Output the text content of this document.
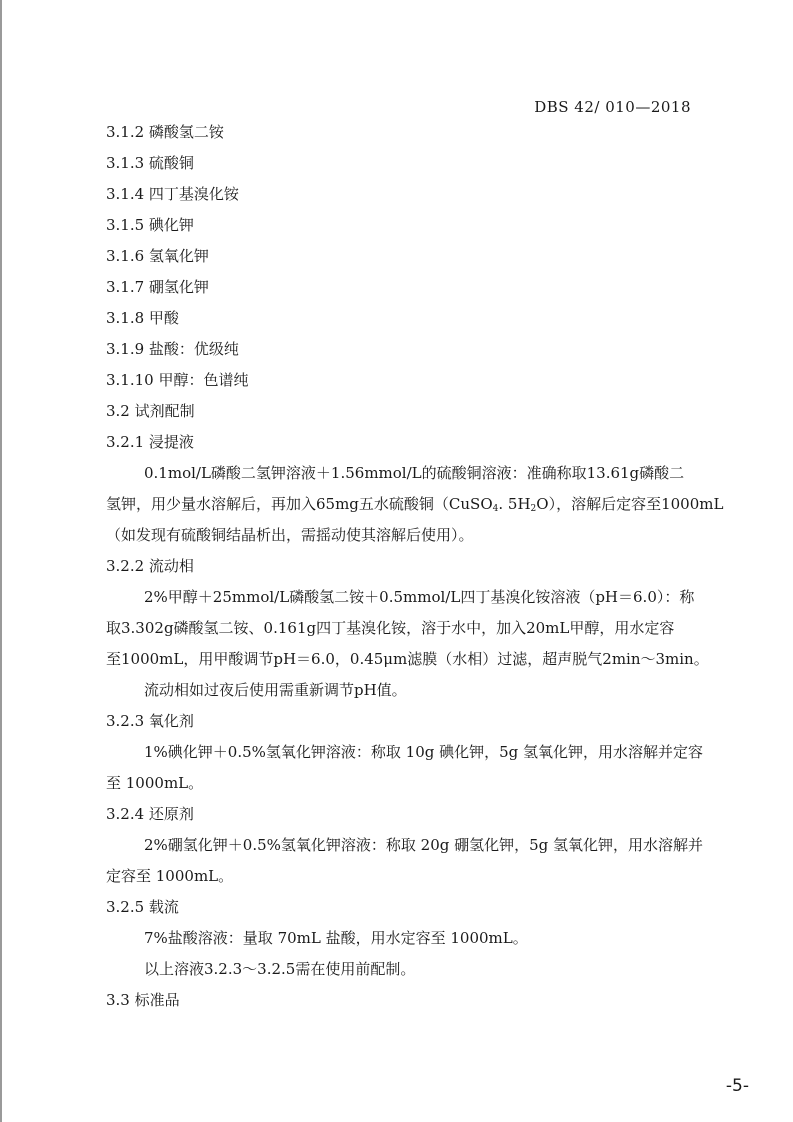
DBS 42/ 010—2018
3.1.2 磷酸氢二铵
3.1.3 硫酸铜
3.1.4 四丁基溴化铵
3.1.5 碘化钾
3.1.6 氢氧化钾
3.1.7 硼氢化钾
3.1.8 甲酸
3.1.9 盐酸：优级纯
3.1.10 甲醇：色谱纯
3.2 试剂配制
3.2.1 浸提液
0.1mol/L磷酸二氢钾溶液＋1.56mmol/L的硫酸铜溶液：准确称取13.61g磷酸二
氢钾，用少量水溶解后，再加入65mg五水硫酸铜（CuSO$_4$. $5H_2O$），溶解后定容至1000mL
（如发现有硫酸铜结晶析出，需摇动使其溶解后使用）。
3.2.2 流动相
2%甲醇＋25mmol/L磷酸氢二铵＋0.5mmol/L四丁基溴化铵溶液（pH＝6.0）：称
取3.302g磷酸氢二铵、0.161g四丁基溴化铵，溶于水中，加入20mL甲醇，用水定容
至1000mL，用甲酸调节pH＝6.0，0.45μm滤膜（水相）过滤，超声脱气2min～3min。
流动相如过夜后使用需重新调节pH值。
3.2.3 氧化剂
1%碘化钾＋0.5%氢氧化钾溶液：称取 10g 碘化钾，5g 氢氧化钾，用水溶解并定容
至 1000mL。
3.2.4 还原剂
2%硼氢化钾＋0.5%氢氧化钾溶液：称取 20g 硼氢化钾，5g 氢氧化钾，用水溶解并
定容至 1000mL。
3.2.5 载流
7%盐酸溶液：量取 70mL 盐酸，用水定容至 1000mL。
以上溶液3.2.3～3.2.5需在使用前配制。
3.3 标准品
-5-
